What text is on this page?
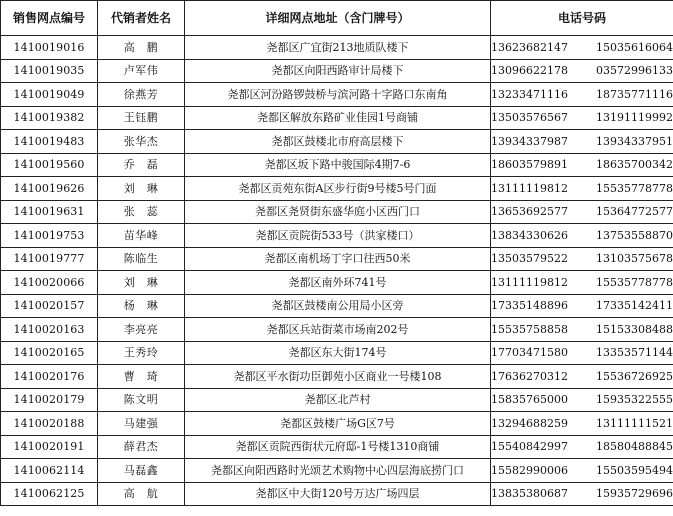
销售网点编号	代销者姓名	详细网点地址（含门牌号）	电话号码
1410019016	高　鹏	尧都区广宜街213地质队楼下	13623682147 15035616064

1410019035	卢军伟	尧都区向阳西路审计局楼下	13096622178 03572996133

1410019049	徐燕芳	尧都区河汾路锣鼓桥与滨河路十字路口东南角	13233471116 18735771116

1410019382	王钰鹏	尧都区解放东路矿业佳园1号商铺	13503576567 13191119992

1410019483	张华杰	尧都区鼓楼北市府高层楼下	13934337987 13934337951

1410019560	乔　磊	尧都区坂下路中骏国际4期7-6	18603579891 18635700342

1410019626	刘　琳	尧都区贡苑东街A区步行街9号楼5号门面	13111119812 15535778778

1410019631	张　蕊	尧都区尧贤街东盛华庭小区西门口	13653692577 15364772577

1410019753	苗华峰	尧都区贡院街533号（洪家楼口）	13834330626 13753558870

1410019777	陈临生	尧都区南机场丁字口往西50米	13503579522 13103575678

1410020066	刘　琳	尧都区南外环741号	13111119812 15535778778

1410020157	杨　琳	尧都区鼓楼南公用局小区旁	17335148896 17335142411

1410020163	李亮亮	尧都区兵站街菜市场南202号	15535758858 15153308488

1410020165	王秀玲	尧都区东大街174号	17703471580 13353571144

1410020176	曹　琦	尧都区平水街功臣御苑小区商业一号楼108	17636270312 15536726925

1410020179	陈文明	尧都区北芦村	15835765000 15935322555

1410020188	马建强	尧都区鼓楼广场G区7号	13294688259 13111111521

1410020191	薛君杰	尧都区贡院西街状元府邸-1号楼1310商铺	15540842997 18580488845

1410062114	马磊鑫	尧都区向阳西路时光颂艺术购物中心四层海底捞门口	15582990006 15503595494

1410062125	高　航	尧都区中大街120号万达广场四层	13835380687 15935729696
